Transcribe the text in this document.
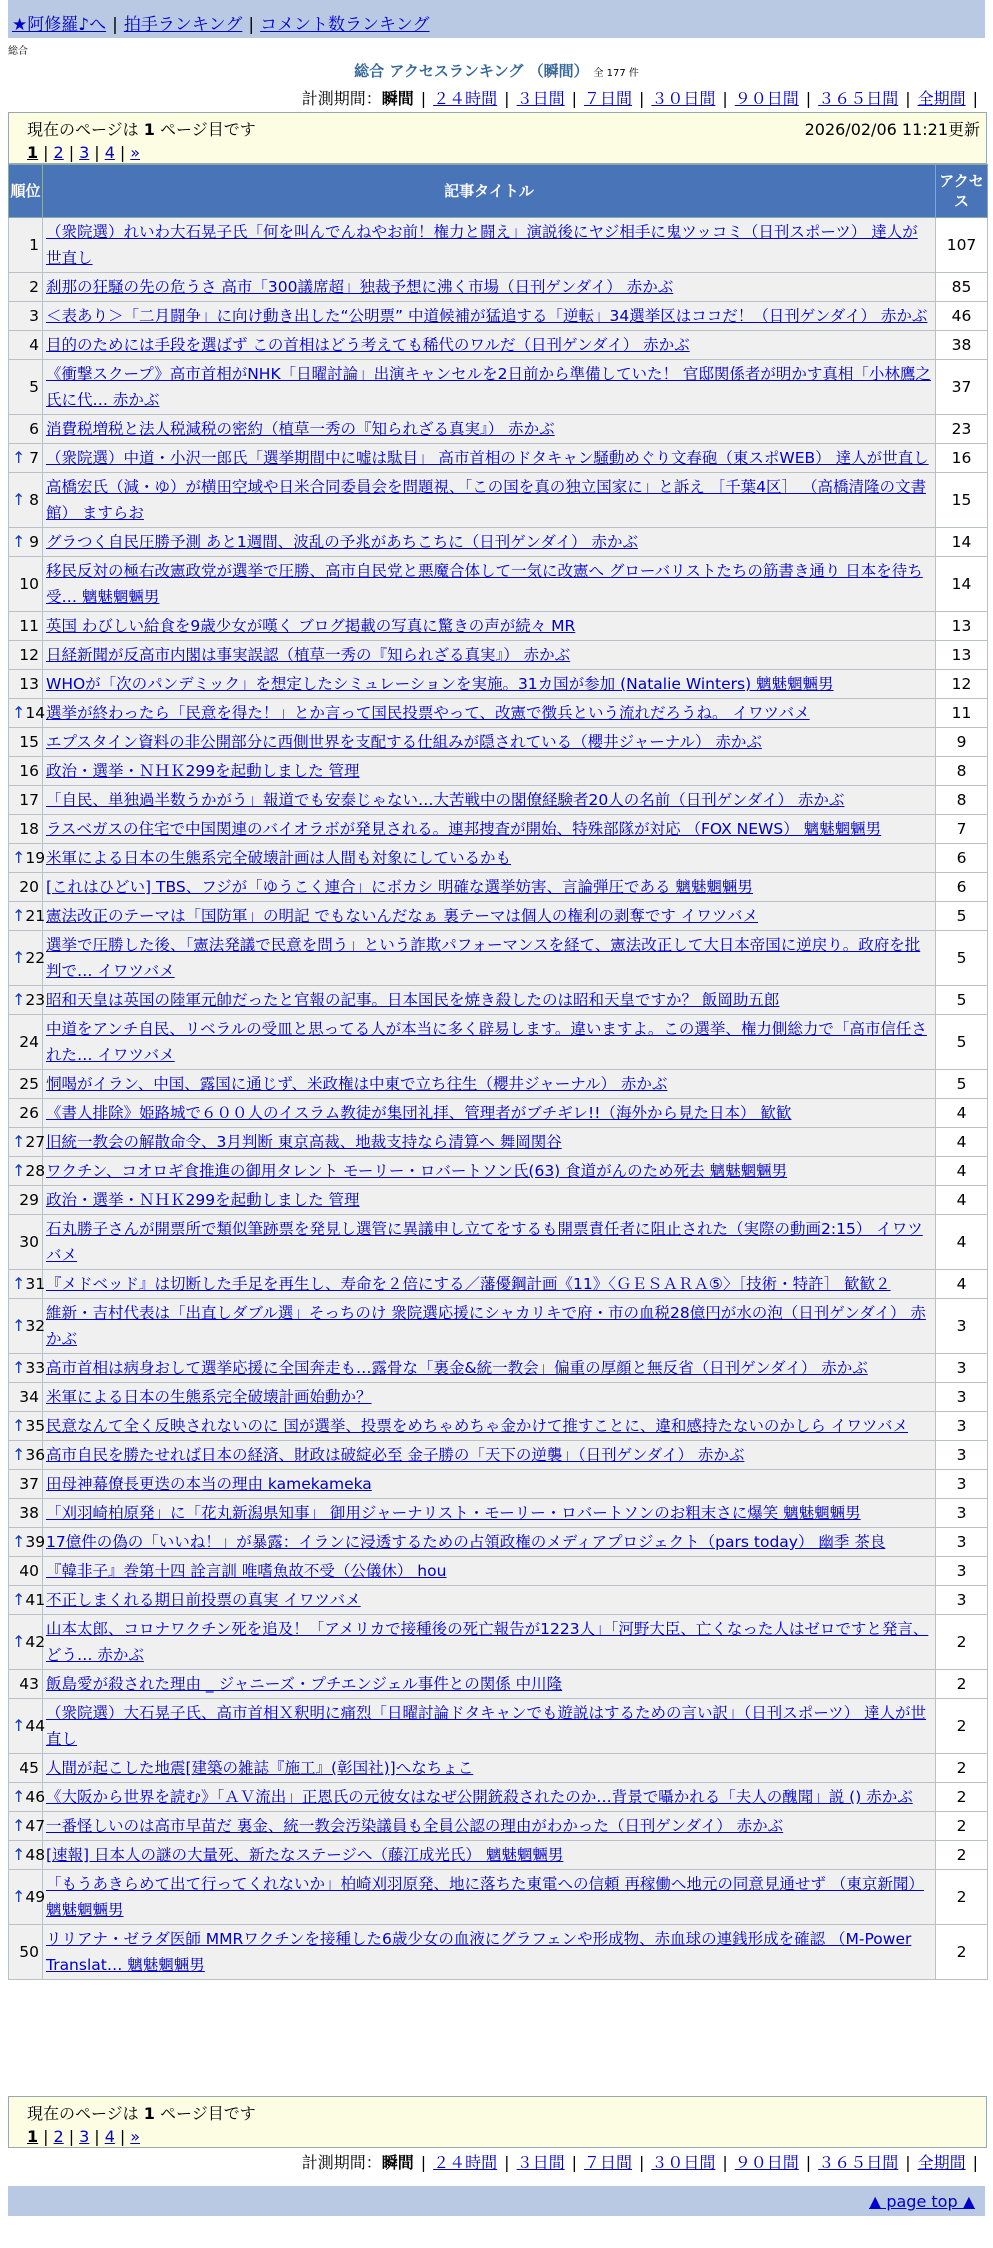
★阿修羅♪へ | 拍手ランキング | コメント数ランキング
総合
総合 アクセスランキング （瞬間） 全 177 件
計測期間：瞬間 | ２４時間 | ３日間 | ７日間 | ３０日間 | ９０日間 | ３６５日間 | 全期間 |
現在のページは 1 ページ目です	2026/02/06 11:21更新
1 | 2 | 3 | 4 | »
順位	記事タイトル	アクセス
1	（衆院選）れいわ大石晃子氏「何を叫んでんねやお前！権力と闘え」演説後にヤジ相手に鬼ツッコミ（日刊スポーツ） 達人が世直し	107
2	刹那の狂騒の先の危うさ 高市「300議席超」独裁予想に沸く市場（日刊ゲンダイ） 赤かぶ	85
3	＜表あり＞「二月闘争」に向け動き出した“公明票” 中道候補が猛追する「逆転」34選挙区はココだ！（日刊ゲンダイ） 赤かぶ	46
4	目的のためには手段を選ばず この首相はどう考えても稀代のワルだ（日刊ゲンダイ） 赤かぶ	38
5	《衝撃スクープ》高市首相がNHK「日曜討論」出演キャンセルを2日前から準備していた！ 官邸関係者が明かす真相「小林鷹之氏に代… 赤かぶ	37
6	消費税増税と法人税減税の密約（植草一秀の『知られざる真実』） 赤かぶ	23

↑ 7	（衆院選）中道・小沢一郎氏「選挙期間中に嘘は駄目」 高市首相のドタキャン騒動めぐり文春砲（東スポWEB） 達人が世直し	16

↑ 8	高橋宏氏（減・ゆ）が横田空域や日米合同委員会を問題視、「この国を真の独立国家に」と訴え ［千葉4区］ （高橋清隆の文書館） ますらお	15

↑ 9	グラつく自民圧勝予測 あと1週間、波乱の予兆があちこちに（日刊ゲンダイ） 赤かぶ	14
10	移民反対の極右改憲政党が選挙で圧勝、高市自民党と悪魔合体して一気に改憲へ グローバリストたちの筋書き通り 日本を待ち受… 魑魅魍魎男	14
11	英国 わびしい給食を9歳少女が嘆く ブログ掲載の写真に驚きの声が続々 MR	13
12	日経新聞が反高市内閣は事実誤認（植草一秀の『知られざる真実』） 赤かぶ	13
13	WHOが「次のパンデミック」を想定したシミュレーションを実施。31カ国が参加 (Natalie Winters) 魑魅魍魎男	12

↑ 14	選挙が終わったら「民意を得た！」とか言って国民投票やって、改憲で徴兵という流れだろうね。 イワツバメ	11
15	エプスタイン資料の非公開部分に西側世界を支配する仕組みが隠されている（櫻井ジャーナル） 赤かぶ	9
16	政治・選挙・ＮＨＫ299を起動しました 管理	8
17	「自民、単独過半数うかがう」報道でも安泰じゃない…大苦戦中の閣僚経験者20人の名前（日刊ゲンダイ） 赤かぶ	8
18	ラスベガスの住宅で中国関連のバイオラボが発見される。連邦捜査が開始、特殊部隊が対応 （FOX NEWS） 魑魅魍魎男	7

↑ 19	米軍による日本の生態系完全破壊計画は人間も対象にしているかも	6
20	[これはひどい] TBS、フジが「ゆうこく連合」にボカシ 明確な選挙妨害、言論弾圧である 魑魅魍魎男	6

↑ 21	憲法改正のテーマは「国防軍」の明記 でもないんだなぁ 裏テーマは個人の権利の剥奪です イワツバメ	5

↑ 22	選挙で圧勝した後、「憲法発議で民意を問う」という詐欺パフォーマンスを経て、憲法改正して大日本帝国に逆戻り。政府を批判で… イワツバメ	5

↑ 23	昭和天皇は英国の陸軍元帥だったと官報の記事。日本国民を焼き殺したのは昭和天皇ですか？ 飯岡助五郎	5
24	中道をアンチ自民、リベラルの受皿と思ってる人が本当に多く辟易します。違いますよ。この選挙、権力側総力で「高市信任された… イワツバメ	5
25	恫喝がイラン、中国、露国に通じず、米政権は中東で立ち往生（櫻井ジャーナル） 赤かぶ	5
26	《書人排除》姫路城で６００人のイスラム教徒が集団礼拝、管理者がブチギレ!!（海外から見た日本） 歓歓	4

↑ 27	旧統一教会の解散命令、3月判断 東京高裁、地裁支持なら清算へ 舞岡関谷	4

↑ 28	ワクチン、コオロギ食推進の御用タレント モーリー・ロバートソン氏(63) 食道がんのため死去 魑魅魍魎男	4
29	政治・選挙・ＮＨＫ299を起動しました 管理	4
30	石丸勝子さんが開票所で類似筆跡票を発見し選管に異議申し立てをするも開票責任者に阻止された（実際の動画2:15） イワツバメ	4

↑ 31	『メドベッド』は切断した手足を再生し、寿命を２倍にする／藩優鋼計画《11》〈ＧＥＳＡＲＡ⑤〉［技術・特許］ 歓歓２	4

↑ 32	維新・吉村代表は「出直しダブル選」そっちのけ 衆院選応援にシャカリキで府・市の血税28億円が水の泡（日刊ゲンダイ） 赤かぶ	3

↑ 33	高市首相は病身おして選挙応援に全国奔走も…露骨な「裏金&統一教会」偏重の厚顔と無反省（日刊ゲンダイ） 赤かぶ	3
34	米軍による日本の生態系完全破壊計画始動か？	3

↑ 35	民意なんて全く反映されないのに 国が選挙、投票をめちゃめちゃ金かけて推すことに、違和感持たないのかしら イワツバメ	3

↑ 36	高市自民を勝たせれば日本の経済、財政は破綻必至 金子勝の「天下の逆襲」（日刊ゲンダイ） 赤かぶ	3
37	田母神幕僚長更迭の本当の理由 kamekameka	3
38	「刈羽崎柏原発」に「花丸新潟県知事」 御用ジャーナリスト・モーリー・ロバートソンのお粗末さに爆笑 魑魅魍魎男	3

↑ 39	17億件の偽の「いいね！」が暴露：イランに浸透するための占領政権のメディアプロジェクト（pars today） 幽季 茶良	3
40	『韓非子』巻第十四 詮言訓 唯嗜魚故不受（公儀休） hou	3

↑ 41	不正しまくれる期日前投票の真実 イワツバメ	3

↑ 42	山本太郎、コロナワクチン死を追及！「アメリカで接種後の死亡報告が1223人」「河野大臣、亡くなった人はゼロですと発言、どう… 赤かぶ	2
43	飯島愛が殺された理由 _ ジャニーズ・プチエンジェル事件との関係 中川隆	2

↑ 44	（衆院選）大石晃子氏、高市首相Ｘ釈明に痛烈「日曜討論ドタキャンでも遊説はするための言い訳」（日刊スポーツ） 達人が世直し	2
45	人間が起こした地震[建築の雑誌『施工』(彰国社)]へなちょこ	2

↑ 46	《大阪から世界を読む》「ＡＶ流出」正恩氏の元彼女はなぜ公開銃殺されたのか…背景で囁かれる「夫人の醜聞」説 () 赤かぶ	2

↑ 47	一番怪しいのは高市早苗だ 裏金、統一教会汚染議員も全員公認の理由がわかった（日刊ゲンダイ） 赤かぶ	2

↑ 48	[速報] 日本人の謎の大量死、新たなステージへ（藤江成光氏） 魑魅魍魎男	2

↑ 49	「もうあきらめて出て行ってくれないか」柏崎刈羽原発、地に落ちた東電への信頼 再稼働へ地元の同意見通せず （東京新聞） 魑魅魍魎男	2
50	リリアナ・ゼラダ医師 MMRワクチンを接種した6歳少女の血液にグラフェンや形成物、赤血球の連銭形成を確認 （M-Power Translat… 魑魅魍魎男	2
現在のページは 1 ページ目です
1 | 2 | 3 | 4 | »
計測期間：瞬間 | ２４時間 | ３日間 | ７日間 | ３０日間 | ９０日間 | ３６５日間 | 全期間 |
▲ page top ▲
